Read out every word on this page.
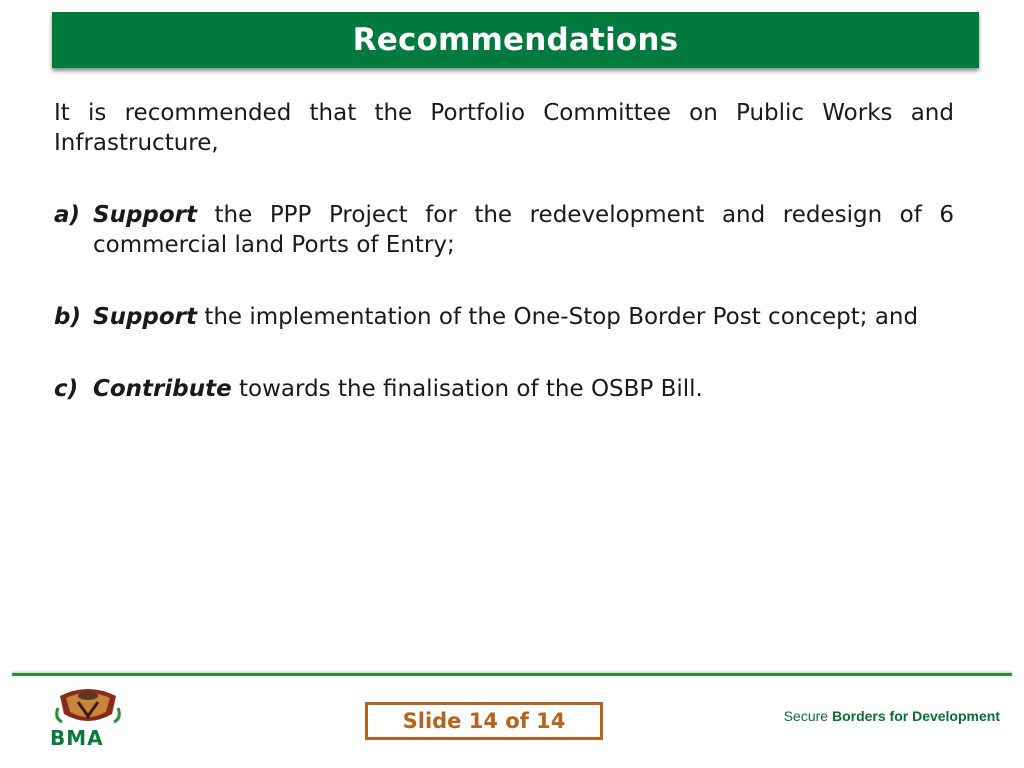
Recommendations

It is recommended that the Portfolio Committee on Public Works and Infrastructure,

a) Support the PPP Project for the redevelopment and redesign of 6 commercial land Ports of Entry;
b) Support the implementation of the One-Stop Border Post concept; and
c) Contribute towards the finalisation of the OSBP Bill.
BMA
Slide 14 of 14	Secure Borders for Development
